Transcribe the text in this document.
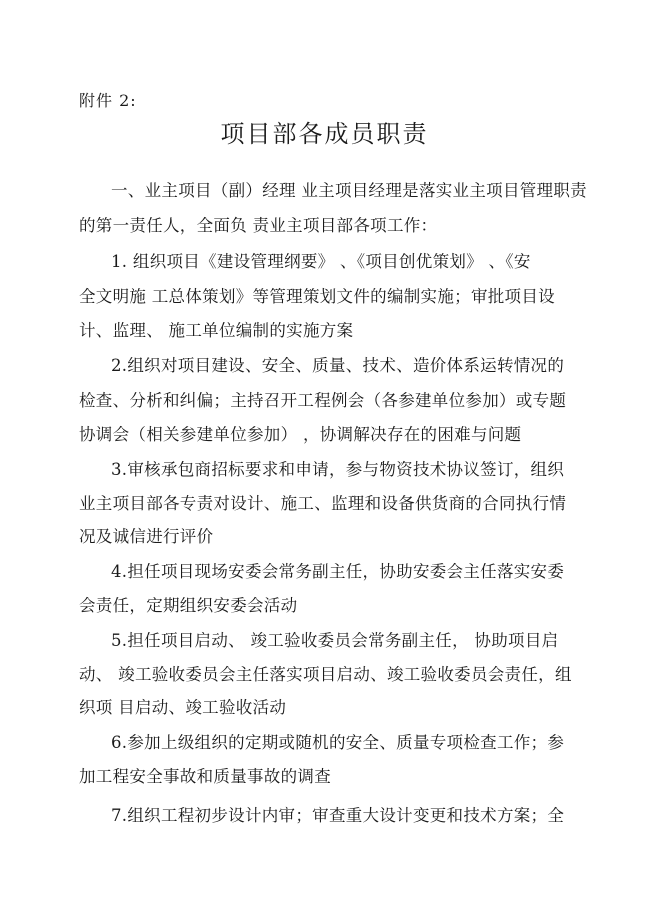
附件 2:
项目部各成员职责
一、业主项目（副）经理 业主项目经理是落实业主项目管理职责
的第一责任人，全面负 责业主项目部各项工作：
1. 组织项目《建设管理纲要》 、《项目创优策划》 、《安
全文明施 工总体策划》等管理策划文件的编制实施；审批项目设
计、监理、 施工单位编制的实施方案
2.组织对项目建设、安全、质量、技术、造价体系运转情况的
检查、分析和纠偏；主持召开工程例会（各参建单位参加）或专题
协调会（相关参建单位参加） ，协调解决存在的困难与问题
3.审核承包商招标要求和申请，参与物资技术协议签订，组织
业主项目部各专责对设计、施工、监理和设备供货商的合同执行情
况及诚信进行评价
4.担任项目现场安委会常务副主任，协助安委会主任落实安委
会责任，定期组织安委会活动
5.担任项目启动、 竣工验收委员会常务副主任， 协助项目启
动、 竣工验收委员会主任落实项目启动、竣工验收委员会责任，组
织项 目启动、竣工验收活动
6.参加上级组织的定期或随机的安全、质量专项检查工作；参
加工程安全事故和质量事故的调查
7.组织工程初步设计内审；审查重大设计变更和技术方案；全
